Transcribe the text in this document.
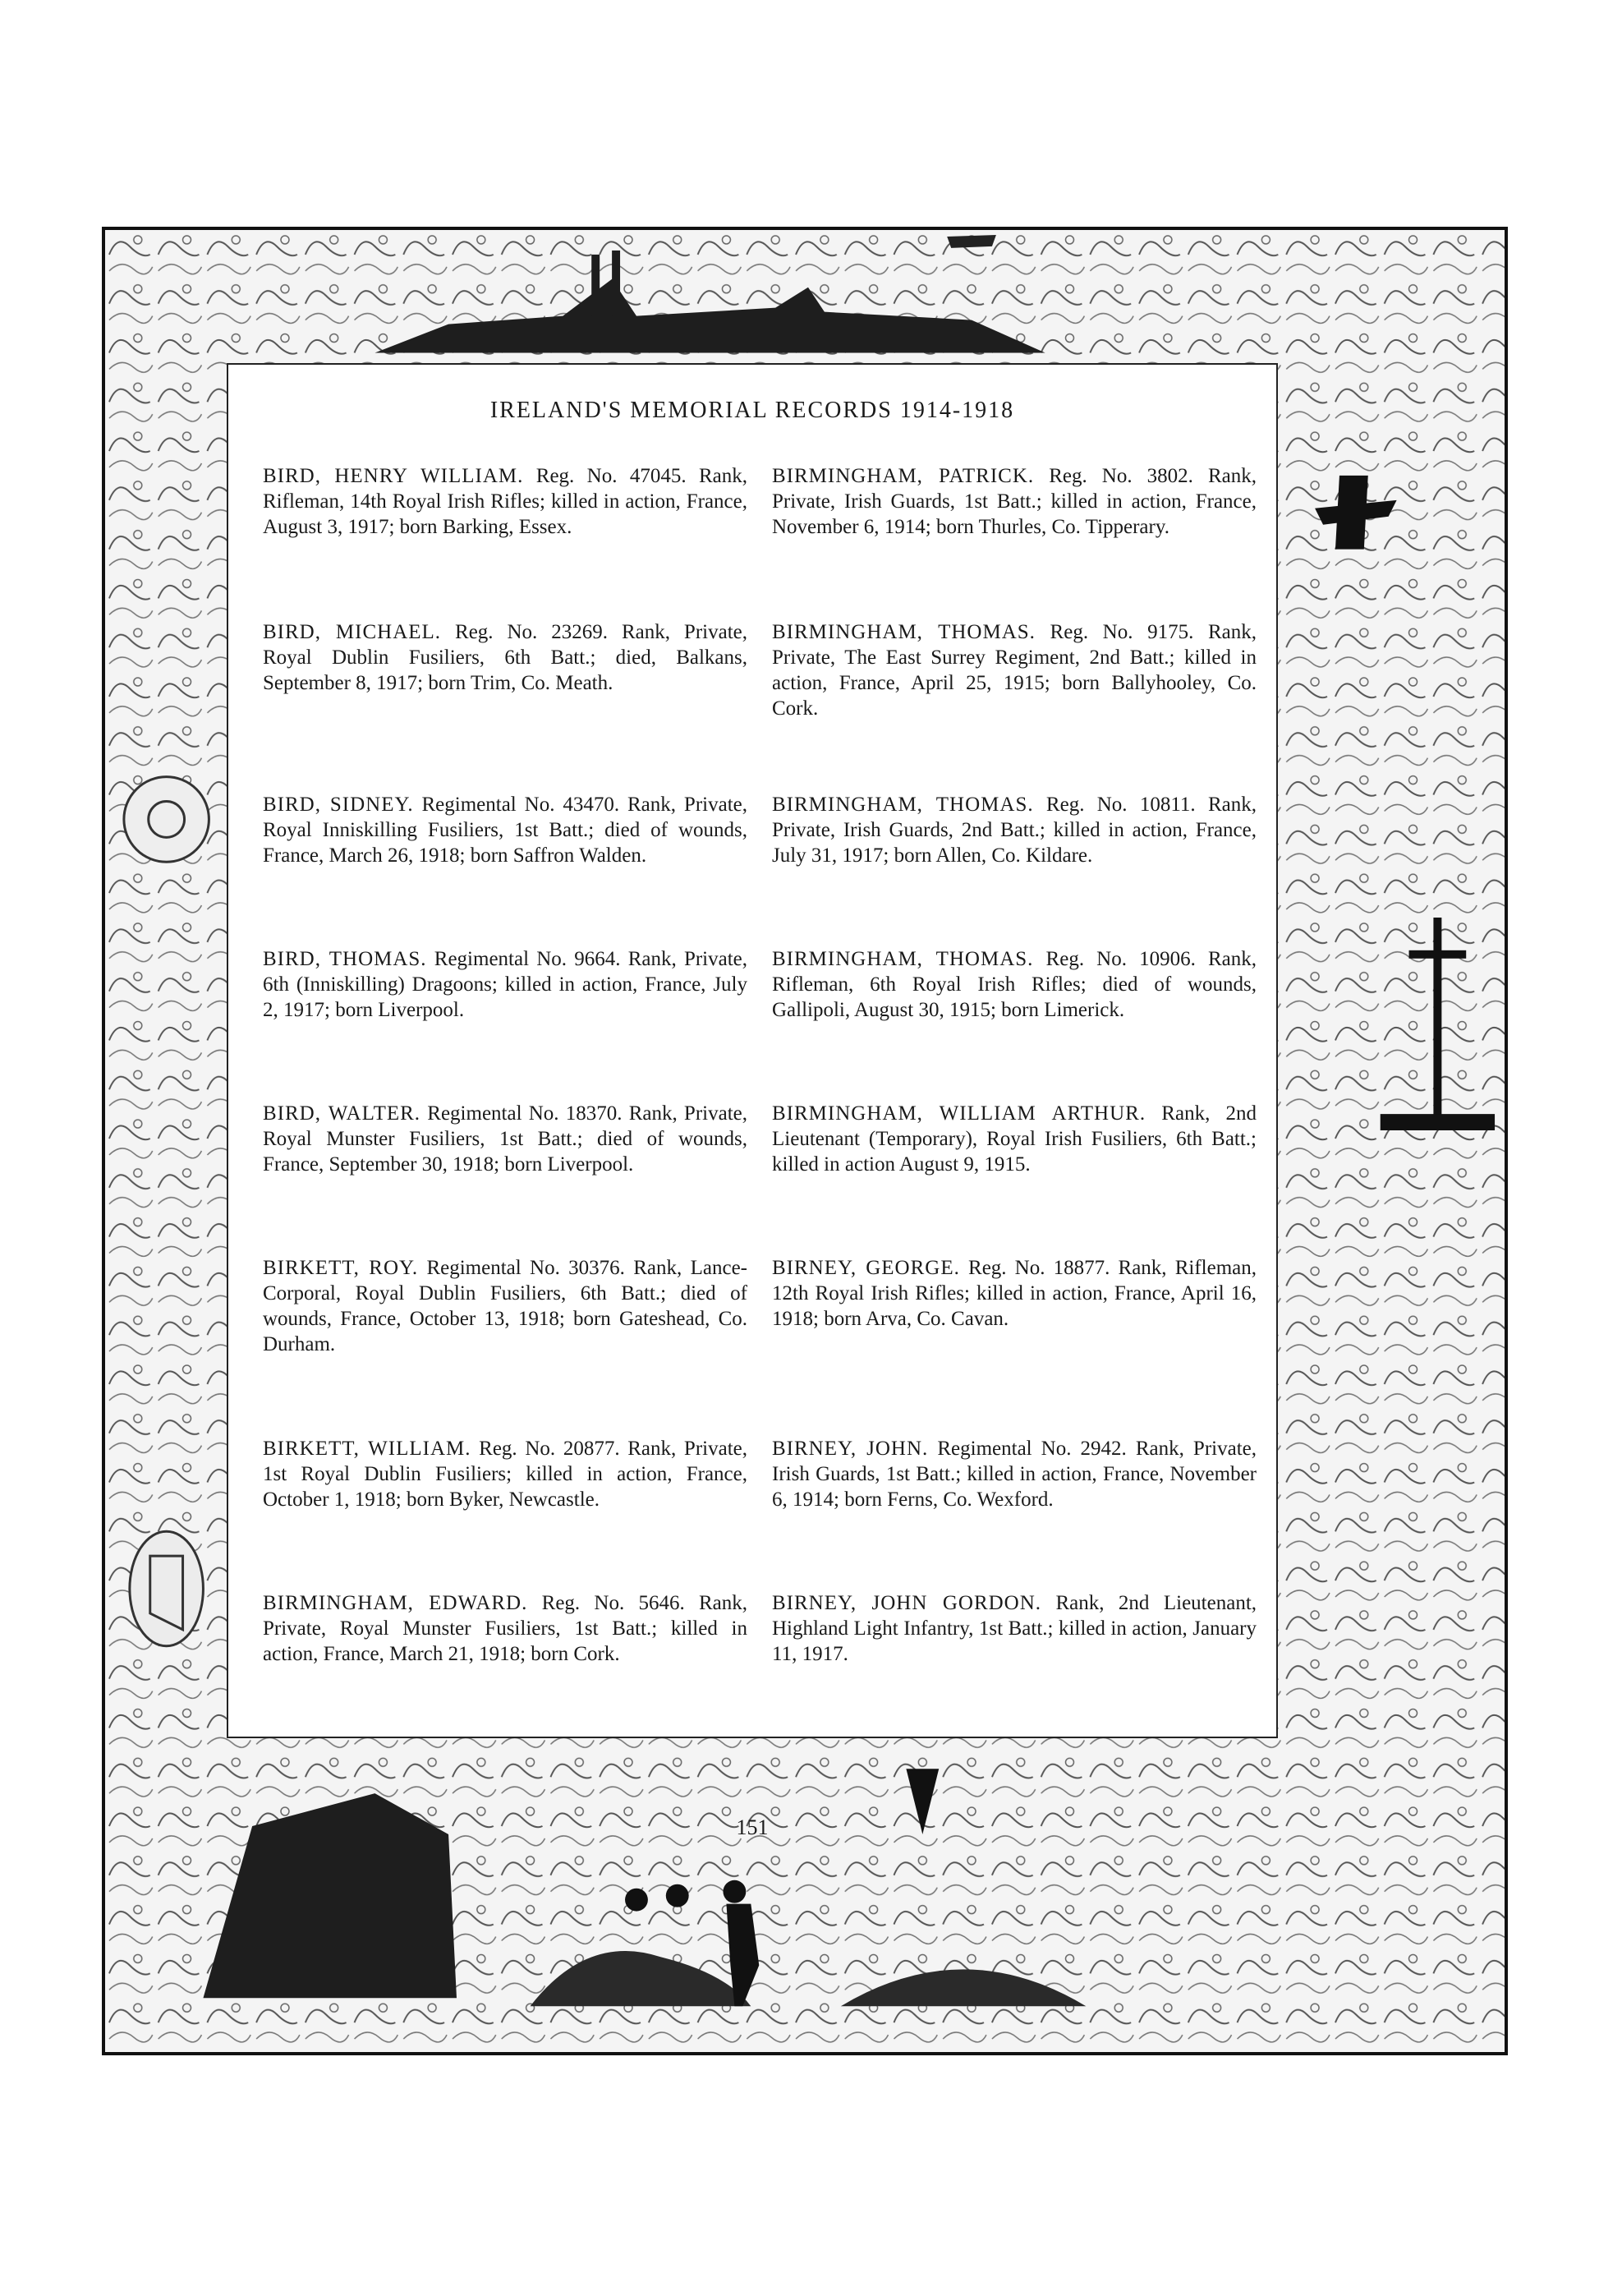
IRELAND'S MEMORIAL RECORDS 1914-1918
BIRD, HENRY WILLIAM. Reg. No. 47045. Rank, Rifleman, 14th Royal Irish Rifles; killed in action, France, August 3, 1917; born Barking, Essex.
BIRD, MICHAEL. Reg. No. 23269. Rank, Private, Royal Dublin Fusiliers, 6th Batt.; died, Balkans, September 8, 1917; born Trim, Co. Meath.
BIRD, SIDNEY. Regimental No. 43470. Rank, Private, Royal Inniskilling Fusiliers, 1st Batt.; died of wounds, France, March 26, 1918; born Saffron Walden.
BIRD, THOMAS. Regimental No. 9664. Rank, Private, 6th (Inniskilling) Dragoons; killed in action, France, July 2, 1917; born Liverpool.
BIRD, WALTER. Regimental No. 18370. Rank, Private, Royal Munster Fusiliers, 1st Batt.; died of wounds, France, September 30, 1918; born Liverpool.
BIRKETT, ROY. Regimental No. 30376. Rank, Lance-Corporal, Royal Dublin Fusiliers, 6th Batt.; died of wounds, France, October 13, 1918; born Gateshead, Co. Durham.
BIRKETT, WILLIAM. Reg. No. 20877. Rank, Private, 1st Royal Dublin Fusiliers; killed in action, France, October 1, 1918; born Byker, Newcastle.
BIRMINGHAM, EDWARD. Reg. No. 5646. Rank, Private, Royal Munster Fusiliers, 1st Batt.; killed in action, France, March 21, 1918; born Cork.
BIRMINGHAM, PATRICK. Reg. No. 3802. Rank, Private, Irish Guards, 1st Batt.; killed in action, France, November 6, 1914; born Thurles, Co. Tipperary.
BIRMINGHAM, THOMAS. Reg. No. 9175. Rank, Private, The East Surrey Regiment, 2nd Batt.; killed in action, France, April 25, 1915; born Ballyhooley, Co. Cork.
BIRMINGHAM, THOMAS. Reg. No. 10811. Rank, Private, Irish Guards, 2nd Batt.; killed in action, France, July 31, 1917; born Allen, Co. Kildare.
BIRMINGHAM, THOMAS. Reg. No. 10906. Rank, Rifleman, 6th Royal Irish Rifles; died of wounds, Gallipoli, August 30, 1915; born Limerick.
BIRMINGHAM, WILLIAM ARTHUR. Rank, 2nd Lieutenant (Temporary), Royal Irish Fusiliers, 6th Batt.; killed in action August 9, 1915.
BIRNEY, GEORGE. Reg. No. 18877. Rank, Rifleman, 12th Royal Irish Rifles; killed in action, France, April 16, 1918; born Arva, Co. Cavan.
BIRNEY, JOHN. Regimental No. 2942. Rank, Private, Irish Guards, 1st Batt.; killed in action, France, November 6, 1914; born Ferns, Co. Wexford.
BIRNEY, JOHN GORDON. Rank, 2nd Lieutenant, Highland Light Infantry, 1st Batt.; killed in action, January 11, 1917.
151
